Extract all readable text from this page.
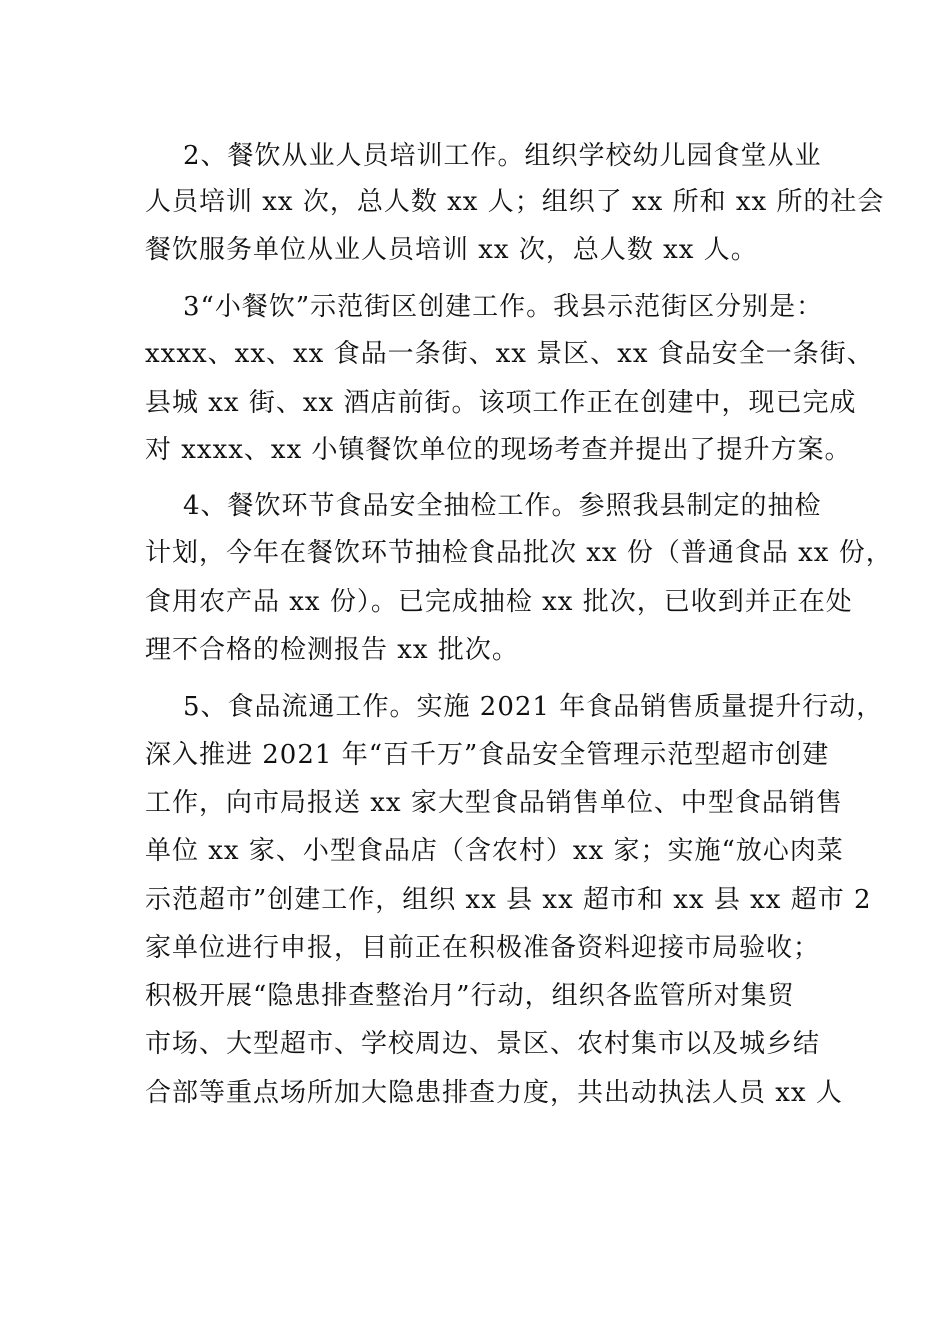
2、餐饮从业人员培训工作。组织学校幼儿园食堂从业
人员培训 xx 次，总人数 xx 人；组织了 xx 所和 xx 所的社会
餐饮服务单位从业人员培训 xx 次，总人数 xx 人。
3“小餐饮”示范街区创建工作。我县示范街区分别是：
xxxx、xx、xx 食品一条街、xx 景区、xx 食品安全一条街、
县城 xx 街、xx 酒店前街。该项工作正在创建中，现已完成
对 xxxx、xx 小镇餐饮单位的现场考查并提出了提升方案。
4、餐饮环节食品安全抽检工作。参照我县制定的抽检
计划，今年在餐饮环节抽检食品批次 xx 份（普通食品 xx 份，
食用农产品 xx 份）。已完成抽检 xx 批次，已收到并正在处
理不合格的检测报告 xx 批次。
5、食品流通工作。实施 2021 年食品销售质量提升行动，
深入推进 2021 年“百千万”食品安全管理示范型超市创建
工作，向市局报送 xx 家大型食品销售单位、中型食品销售
单位 xx 家、小型食品店（含农村）xx 家；实施“放心肉菜
示范超市”创建工作，组织 xx 县 xx 超市和 xx 县 xx 超市 2
家单位进行申报，目前正在积极准备资料迎接市局验收；
积极开展“隐患排查整治月”行动，组织各监管所对集贸
市场、大型超市、学校周边、景区、农村集市以及城乡结
合部等重点场所加大隐患排查力度，共出动执法人员 xx 人
